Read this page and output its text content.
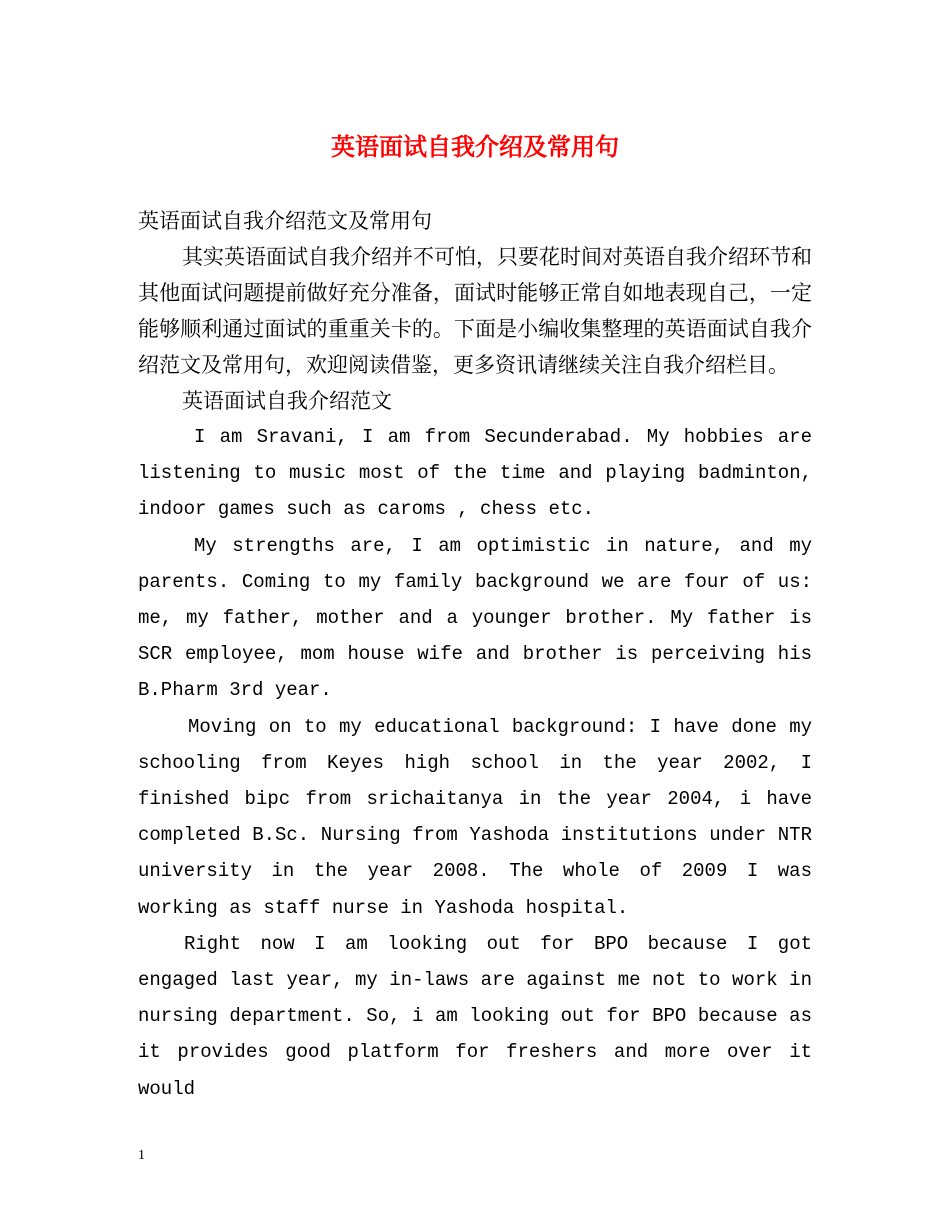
英语面试自我介绍及常用句

英语面试自我介绍范文及常用句

其实英语面试自我介绍并不可怕，只要花时间对英语自我介绍环节和其他面试问题提前做好充分准备，面试时能够正常自如地表现自己，一定能够顺利通过面试的重重关卡的。下面是小编收集整理的英语面试自我介绍范文及常用句，欢迎阅读借鉴，更多资讯请继续关注自我介绍栏目。

英语面试自我介绍范文

I am Sravani, I am from Secunderabad. My hobbies are listening to music most of the time and playing badminton, indoor games such as caroms , chess etc.

My strengths are, I am optimistic in nature, and my parents. Coming to my family background we are four of us: me, my father, mother and a younger brother. My father is SCR employee, mom house wife and brother is perceiving his B.Pharm 3rd year.

Moving on to my educational background: I have done my schooling from Keyes high school in the year 2002, I finished bipc from srichaitanya in the year 2004, i have completed B.Sc. Nursing from Yashoda institutions under NTR university in the year 2008. The whole of 2009 I was working as staff nurse in Yashoda hospital.

Right now I am looking out for BPO because I got engaged last year, my in-laws are against me not to work in nursing department. So, i am looking out for BPO because as it provides good platform for freshers and more over it would

1
